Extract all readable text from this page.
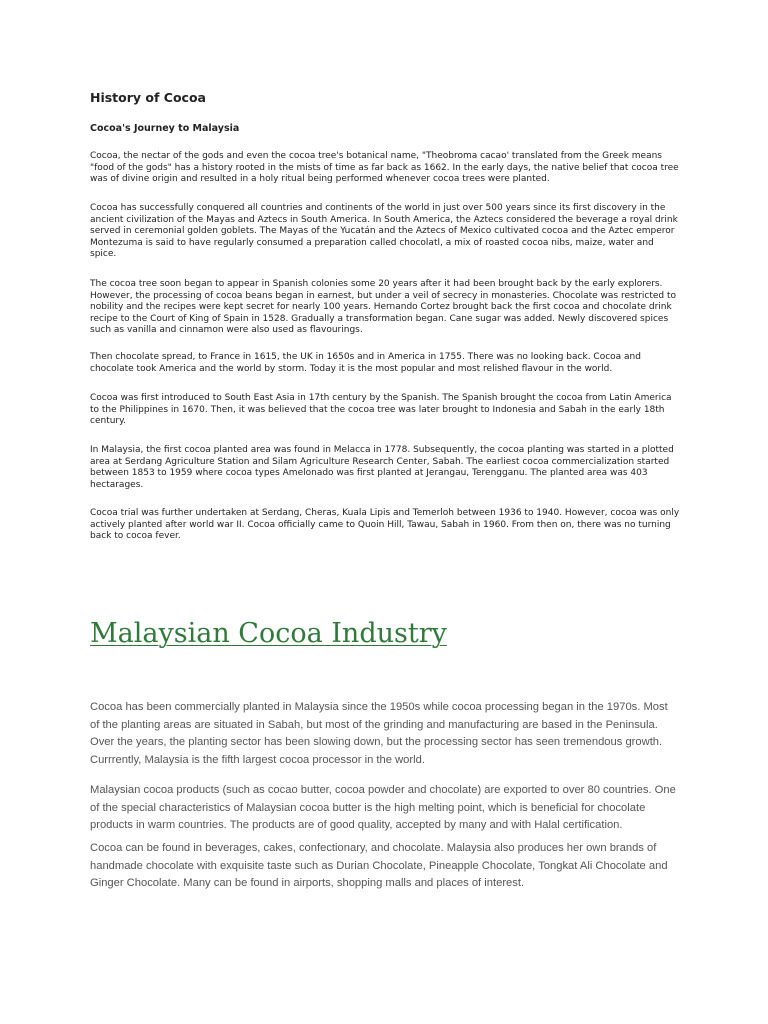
History of Cocoa
Cocoa's Journey to Malaysia

Cocoa, the nectar of the gods and even the cocoa tree's botanical name, "Theobroma cacao' translated from the Greek means "food of the gods" has a history rooted in the mists of time as far back as 1662. In the early days, the native belief that cocoa tree was of divine origin and resulted in a holy ritual being performed whenever cocoa trees were planted.

Cocoa has successfully conquered all countries and continents of the world in just over 500 years since its first discovery in the ancient civilization of the Mayas and Aztecs in South America. In South America, the Aztecs considered the beverage a royal drink served in ceremonial golden goblets. The Mayas of the Yucatán and the Aztecs of Mexico cultivated cocoa and the Aztec emperor Montezuma is said to have regularly consumed a preparation called chocolatl, a mix of roasted cocoa nibs, maize, water and spice.

The cocoa tree soon began to appear in Spanish colonies some 20 years after it had been brought back by the early explorers. However, the processing of cocoa beans began in earnest, but under a veil of secrecy in monasteries. Chocolate was restricted to nobility and the recipes were kept secret for nearly 100 years. Hernando Cortez brought back the first cocoa and chocolate drink recipe to the Court of King of Spain in 1528. Gradually a transformation began. Cane sugar was added. Newly discovered spices such as vanilla and cinnamon were also used as flavourings.

Then chocolate spread, to France in 1615, the UK in 1650s and in America in 1755. There was no looking back. Cocoa and chocolate took America and the world by storm. Today it is the most popular and most relished flavour in the world.

Cocoa was first introduced to South East Asia in 17th century by the Spanish. The Spanish brought the cocoa from Latin America to the Philippines in 1670. Then, it was believed that the cocoa tree was later brought to Indonesia and Sabah in the early 18th century.

In Malaysia, the first cocoa planted area was found in Melacca in 1778. Subsequently, the cocoa planting was started in a plotted area at Serdang Agriculture Station and Silam Agriculture Research Center, Sabah. The earliest cocoa commercialization started between 1853 to 1959 where cocoa types Amelonado was first planted at Jerangau, Terengganu. The planted area was 403 hectarages.

Cocoa trial was further undertaken at Serdang, Cheras, Kuala Lipis and Temerloh between 1936 to 1940. However, cocoa was only actively planted after world war II. Cocoa officially came to Quoin Hill, Tawau, Sabah in 1960. From then on, there was no turning back to cocoa fever.

Malaysian Cocoa Industry

Cocoa has been commercially planted in Malaysia since the 1950s while cocoa processing began in the 1970s. Most of the planting areas are situated in Sabah, but most of the grinding and manufacturing are based in the Peninsula. Over the years, the planting sector has been slowing down, but the processing sector has seen tremendous growth. Currrently, Malaysia is the fifth largest cocoa processor in the world.

Malaysian cocoa products (such as cocao butter, cocoa powder and chocolate) are exported to over 80 countries. One of the special characteristics of Malaysian cocoa butter is the high melting point, which is beneficial for chocolate products in warm countries. The products are of good quality, accepted by many and with Halal certification.

Cocoa can be found in beverages, cakes, confectionary, and chocolate. Malaysia also produces her own brands of handmade chocolate with exquisite taste such as Durian Chocolate, Pineapple Chocolate, Tongkat Ali Chocolate and Ginger Chocolate. Many can be found in airports, shopping malls and places of interest.
